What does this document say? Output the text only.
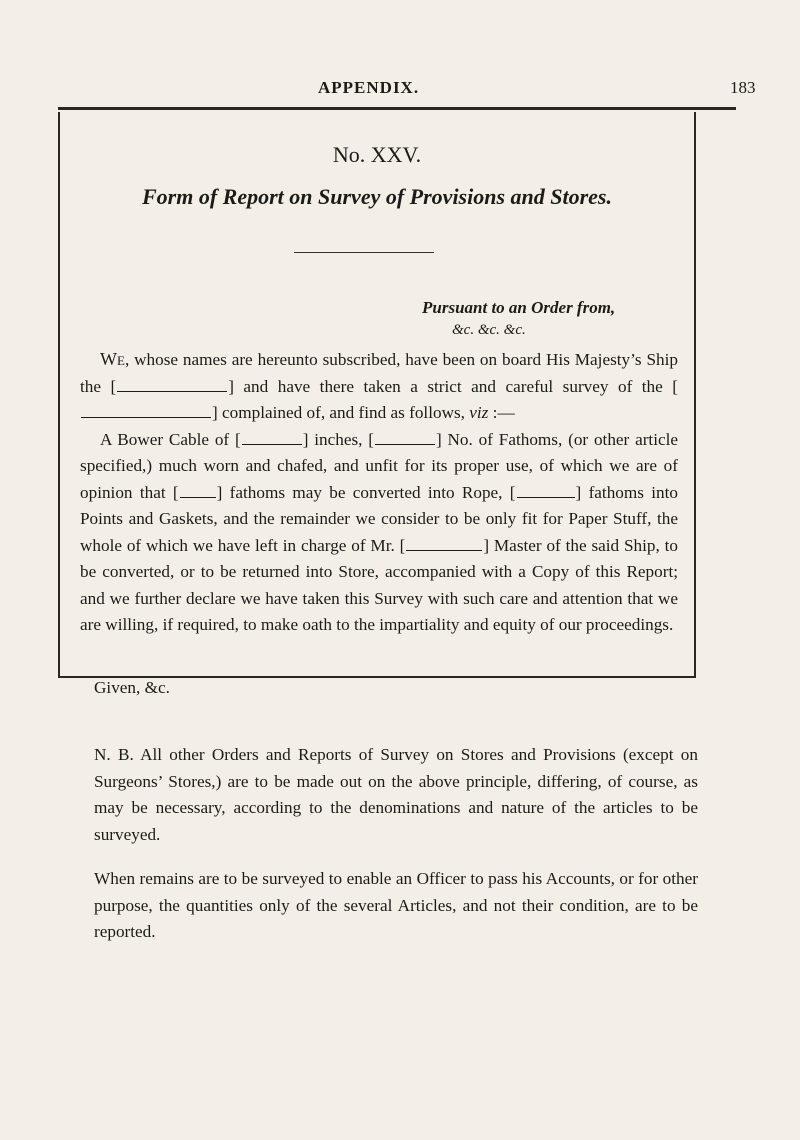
APPENDIX.	183
No. XXV.
Form of Report on Survey of Provisions and Stores.
Pursuant to an Order from,
&c. &c. &c.

We, whose names are hereunto subscribed, have been on board His Majesty’s Ship the [	] and have there taken a strict and careful survey of the [] complained of, and find as follows, viz :—

A Bower Cable of [	] inches, [	] No. of Fathoms, (or other article specified,) much worn and chafed, and unfit for its proper use, of which we are of opinion that [ ] fathoms may be converted into Rope, [	] fathoms into Points and Gaskets, and the remainder we consider to be only fit for Paper Stuff, the whole of which we have left in charge of Mr. [	] Master of the said Ship, to be converted, or to be returned into Store, accompanied with a Copy of this Report; and we further declare we have taken this Survey with such care and attention that we are willing, if required, to make oath to the impartiality and equity of our proceedings.

Given, &c.

N. B. All other Orders and Reports of Survey on Stores and Provisions (except on Surgeons’ Stores,) are to be made out on the above principle, differing, of course, as may be necessary, according to the denominations and nature of the articles to be surveyed.

When remains are to be surveyed to enable an Officer to pass his Accounts, or for other purpose, the quantities only of the several Articles, and not their condition, are to be reported.
